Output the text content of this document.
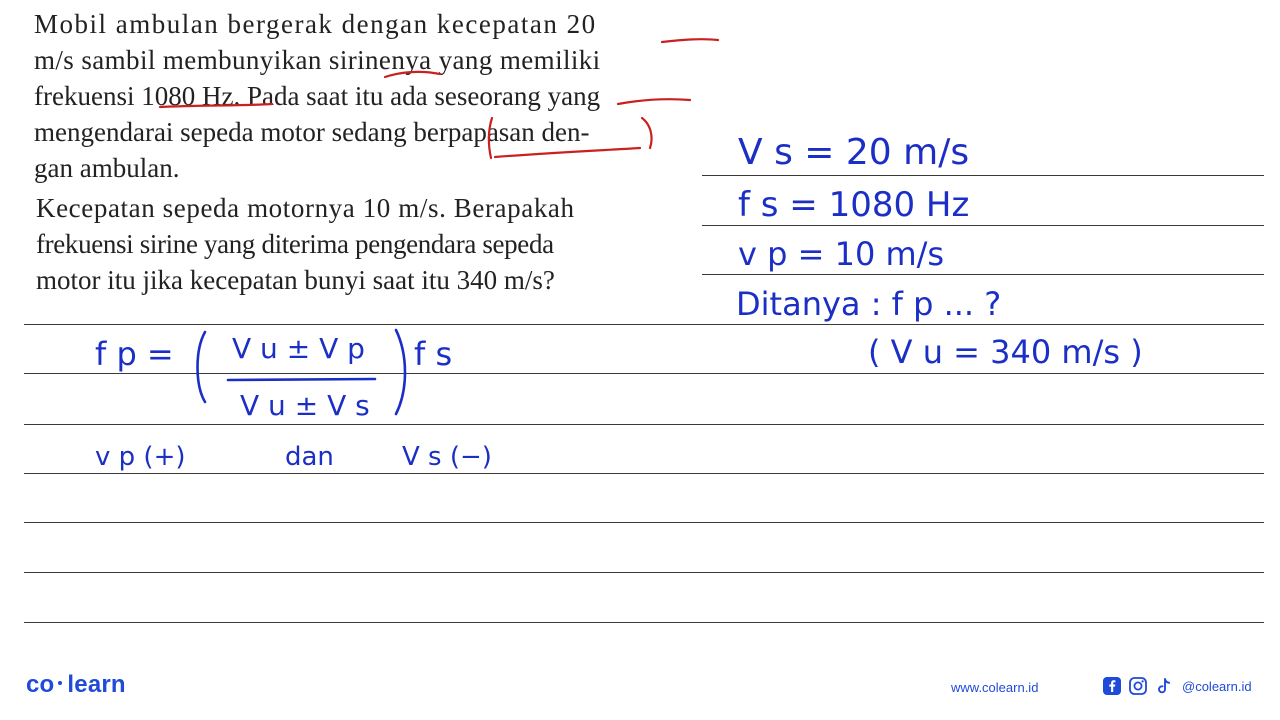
Mobil ambulan bergerak dengan kecepatan 20
m/s sambil membunyikan sirinenya yang memiliki
frekuensi 1080 Hz. Pada saat itu ada seseorang yang
mengendarai sepeda motor sedang berpapasan den-
gan ambulan.
Kecepatan sepeda motornya 10 m/s. Berapakah
frekuensi sirine yang diterima pengendara sepeda
motor itu jika kecepatan bunyi saat itu 340 m/s?
V s = 20 m/s
f s = 1080 Hz
v p = 10 m/s
Ditanya : f p ... ?
( V u = 340 m/s )
f p = V u ± V p
V u ± V s
f s
v p (+)	dan	V s (−)
co learn	www.colearn.id	@colearn.id
